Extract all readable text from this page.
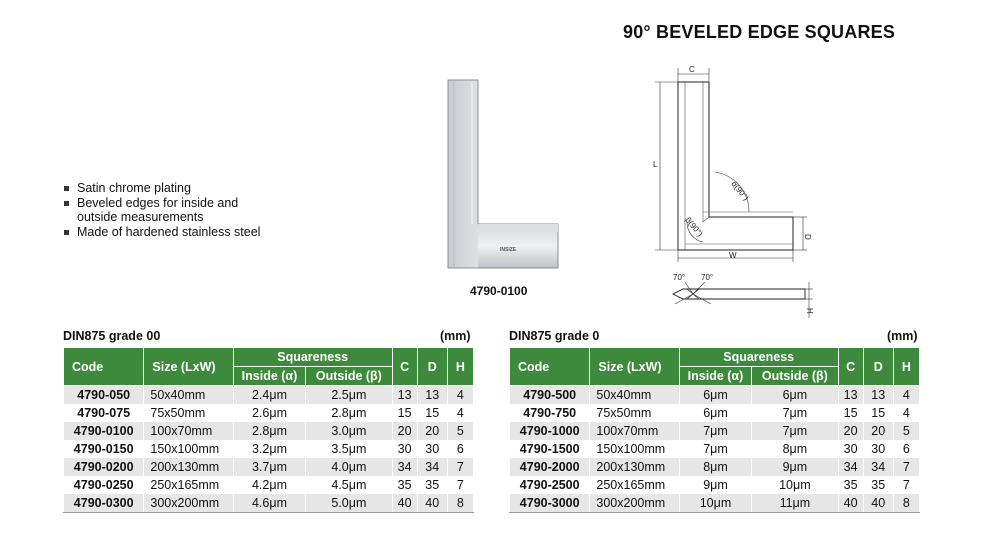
90° BEVELED EDGE SQUARES
Satin chrome plating
Beveled edges for inside and
outside measurements
Made of hardened stainless steel
INSIZE
4790-0100
C
L
α(90°)
β(90°)	D
W
70° 70°
H
DIN875 grade 00	(mm)
Code	Size (LxW)	Squareness		C	D	H
		Inside (α)	Outside (β)			
4790-050	50x40mm	2.4μm	2.5μm	13	13	4
4790-075	75x50mm	2.6μm	2.8μm	15	15	4
4790-0100	100x70mm	2.8μm	3.0μm	20	20	5
4790-0150	150x100mm	3.2μm	3.5μm	30	30	6
4790-0200	200x130mm	3.7μm	4.0μm	34	34	7
4790-0250	250x165mm	4.2μm	4.5μm	35	35	7
4790-0300	300x200mm	4.6μm	5.0μm	40	40	8
DIN875 grade 0	(mm)
Code	Size (LxW)	Squareness		C	D	H
		Inside (α)	Outside (β)			
4790-500	50x40mm	6μm	6μm	13	13	4
4790-750	75x50mm	6μm	7μm	15	15	4
4790-1000	100x70mm	7μm	7μm	20	20	5
4790-1500	150x100mm	7μm	8μm	30	30	6
4790-2000	200x130mm	8μm	9μm	34	34	7
4790-2500	250x165mm	9μm	10μm	35	35	7
4790-3000	300x200mm	10μm	11μm	40	40	8
